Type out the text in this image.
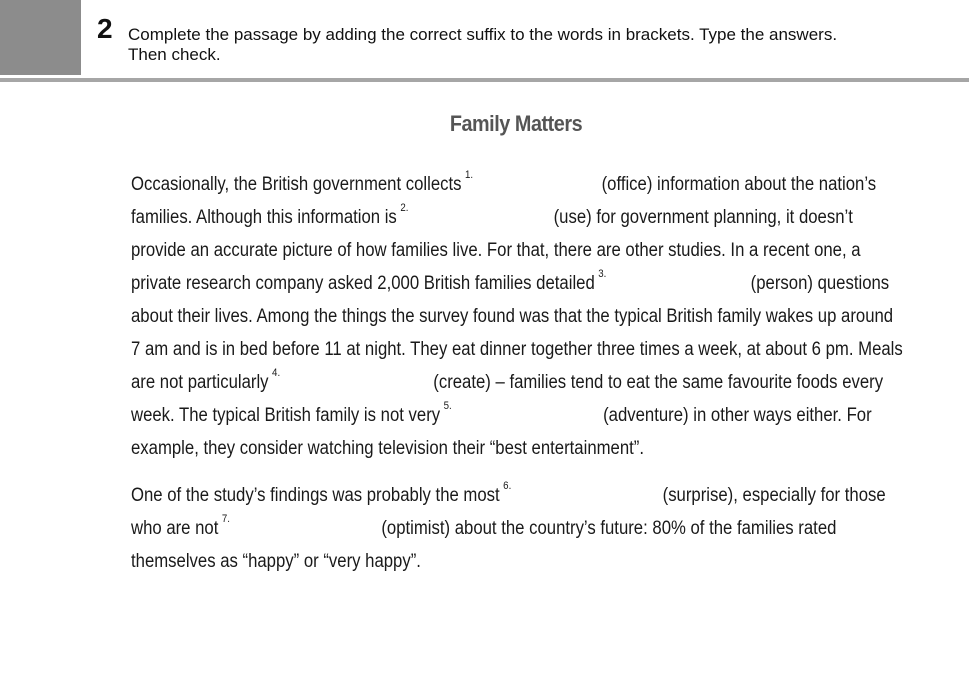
2 Complete the passage by adding the correct suffix to the words in brackets. Type the answers.
Then check.
Family Matters
Occasionally, the British government collects $^{1.}$	(office) information about the nation’s
families. Although this information is $^{2.}$	(use) for government planning, it doesn’t
provide an accurate picture of how families live. For that, there are other studies. In a recent one, a
private research company asked 2,000 British families detailed $^{3.}$	(person) questions
about their lives. Among the things the survey found was that the typical British family wakes up around
7 am and is in bed before 11 at night. They eat dinner together three times a week, at about 6 pm. Meals
are not particularly $^{4.}$	(create) – families tend to eat the same favourite foods every
week. The typical British family is not very $^{5.}$	(adventure) in other ways either. For
example, they consider watching television their “best entertainment”.
One of the study’s findings was probably the most $^{6.}$	(surprise), especially for those
who are not $^{7.}$	(optimist) about the country’s future: 80% of the families rated
themselves as “happy” or “very happy”.
